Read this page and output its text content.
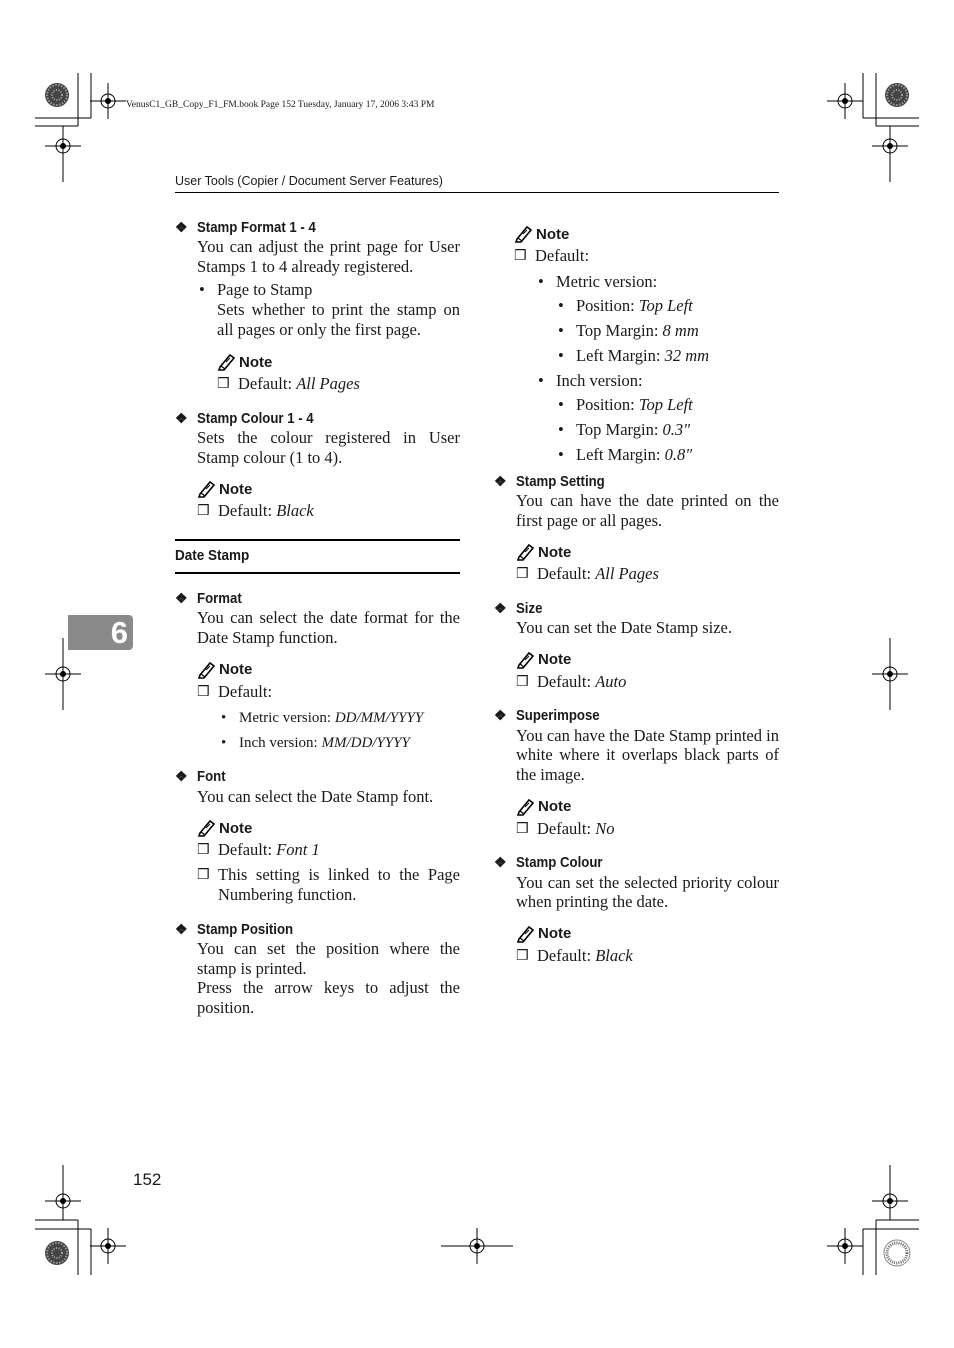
VenusC1_GB_Copy_F1_FM.book Page 152 Tuesday, January 17, 2006 3:43 PM
User Tools (Copier / Document Server Features)
6
❖ Stamp Format 1 - 4

You can adjust the print page for User Stamps 1 to 4 already registered.

• Page to Stamp

Sets whether to print the stamp on all pages or only the first page.
Note
❒ Default: All Pages
❖ Stamp Colour 1 - 4

Sets the colour registered in User Stamp colour (1 to 4).

Note
❒ Default: Black
Date Stamp
❖ Format

You can select the date format for the Date Stamp function.

Note
❒ Default:
• Metric version: DD/MM/YYYY
• Inch version: MM/DD/YYYY
❖ Font

You can select the Date Stamp font.

Note
❒ Default: Font 1
❒ This setting is linked to the Page Numbering function.
❖ Stamp Position

You can set the position where the stamp is printed.

Press the arrow keys to adjust the position.

Note
❒ Default:
• Metric version:
• Position: Top Left
• Top Margin: 8 mm
• Left Margin: 32 mm
• Inch version:
• Position: Top Left
• Top Margin: 0.3"
• Left Margin: 0.8"
❖ Stamp Setting

You can have the date printed on the first page or all pages.

Note
❒ Default: All Pages
❖ Size

You can set the Date Stamp size.

Note
❒ Default: Auto
❖ Superimpose

You can have the Date Stamp printed in white where it overlaps black parts of the image.

Note
❒ Default: No
❖ Stamp Colour

You can set the selected priority colour when printing the date.

Note
❒ Default: Black
152
